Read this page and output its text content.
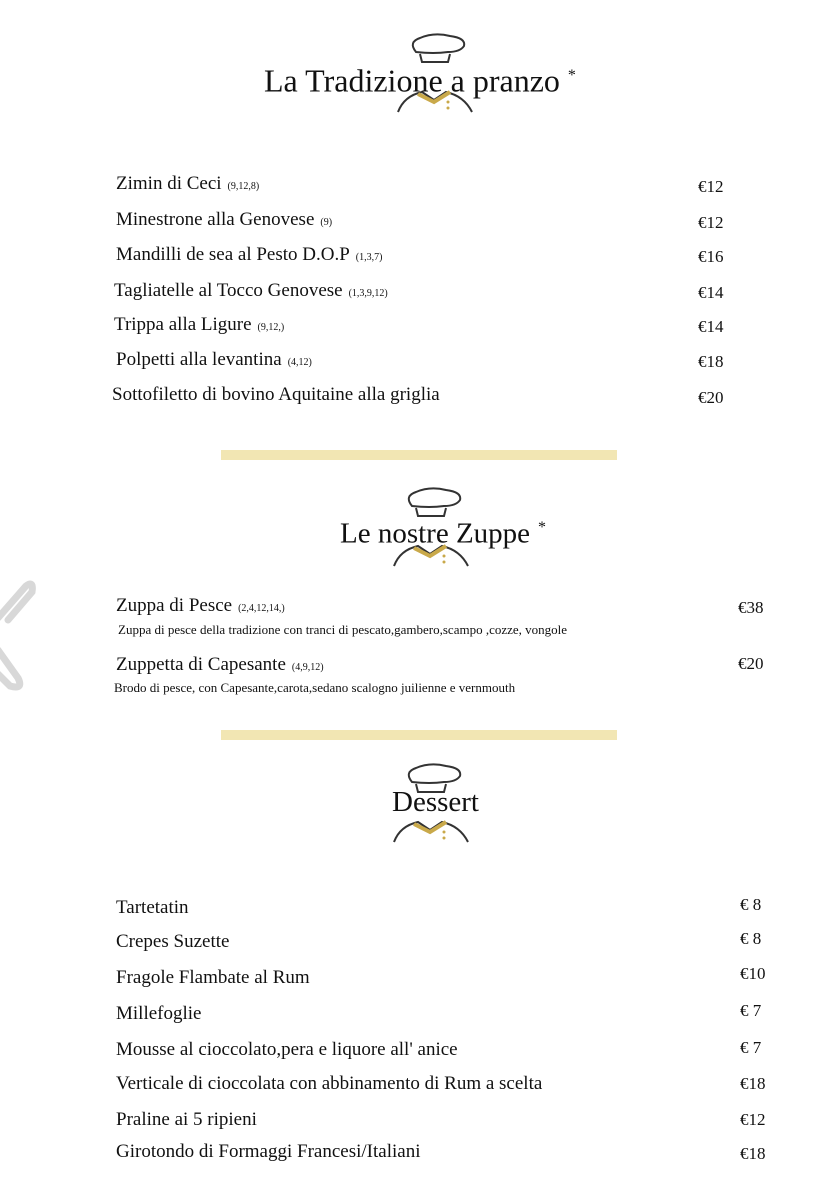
La Tradizione a pranzo *
Zimin di Ceci (9,12,8)	€12
Minestrone alla Genovese (9)	€12
Mandilli de sea al Pesto D.O.P (1,3,7)	€16
Tagliatelle al Tocco Genovese (1,3,9,12)	€14
Trippa alla Ligure (9,12,)	€14
Polpetti alla levantina (4,12)	€18
Sottofiletto di bovino Aquitaine alla griglia	€20
Le nostre Zuppe *
Zuppa di Pesce (2,4,12,14,)	€38
Zuppa di pesce della tradizione con tranci di pescato,gambero,scampo ,cozze, vongole
Zuppetta di Capesante (4,9,12)	€20
Brodo di pesce, con Capesante,carota,sedano scalogno juilienne e vernmouth
Dessert
Tartetatin	€ 8
Crepes Suzette	€ 8
Fragole Flambate al Rum	€10
Millefoglie	€ 7
Mousse al cioccolato,pera e liquore all' anice	€ 7
Verticale di cioccolata con abbinamento di Rum a scelta	€18
Praline ai 5 ripieni	€12
Girotondo di Formaggi Francesi/Italiani	€18
